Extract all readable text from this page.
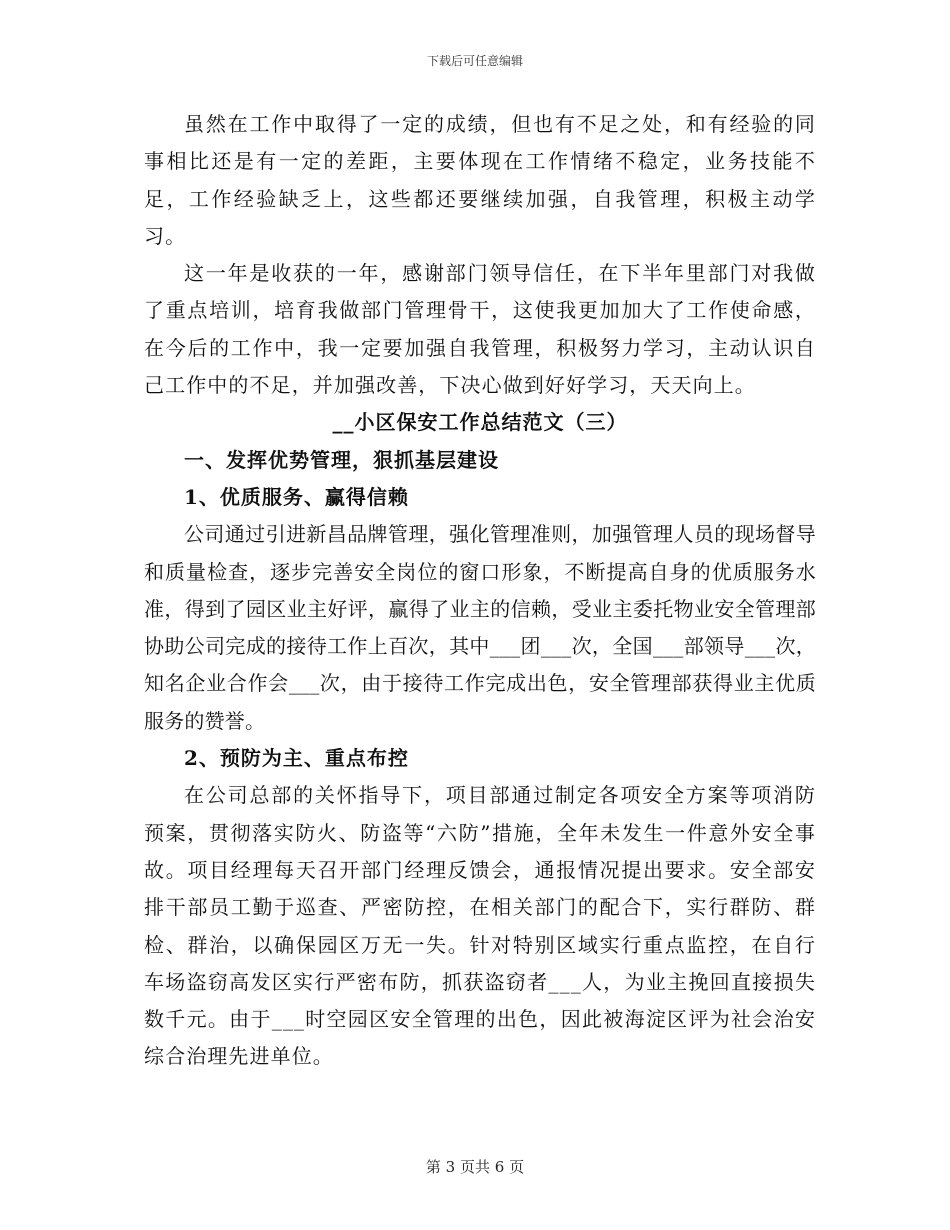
下载后可任意编辑

虽然在工作中取得了一定的成绩，但也有不足之处，和有经验的同事相比还是有一定的差距，主要体现在工作情绪不稳定，业务技能不足，工作经验缺乏上，这些都还要继续加强，自我管理，积极主动学习。

这一年是收获的一年，感谢部门领导信任，在下半年里部门对我做了重点培训，培育我做部门管理骨干，这使我更加加大了工作使命感，在今后的工作中，我一定要加强自我管理，积极努力学习，主动认识自己工作中的不足，并加强改善，下决心做到好好学习，天天向上。

__小区保安工作总结范文（三）

一、发挥优势管理，狠抓基层建设

1、优质服务、赢得信赖

公司通过引进新昌品牌管理，强化管理准则，加强管理人员的现场督导和质量检查，逐步完善安全岗位的窗口形象，不断提高自身的优质服务水准，得到了园区业主好评，赢得了业主的信赖，受业主委托物业安全管理部协助公司完成的接待工作上百次，其中___团___次，全国___部领导___次，知名企业合作会___次，由于接待工作完成出色，安全管理部获得业主优质服务的赞誉。

2、预防为主、重点布控

在公司总部的关怀指导下，项目部通过制定各项安全方案等项消防预案，贯彻落实防火、防盗等“六防”措施，全年未发生一件意外安全事故。项目经理每天召开部门经理反馈会，通报情况提出要求。安全部安排干部员工勤于巡查、严密防控，在相关部门的配合下，实行群防、群检、群治，以确保园区万无一失。针对特别区域实行重点监控，在自行车场盗窃高发区实行严密布防，抓获盗窃者___人，为业主挽回直接损失数千元。由于___时空园区安全管理的出色，因此被海淀区评为社会治安综合治理先进单位。

第 3 页共 6 页
